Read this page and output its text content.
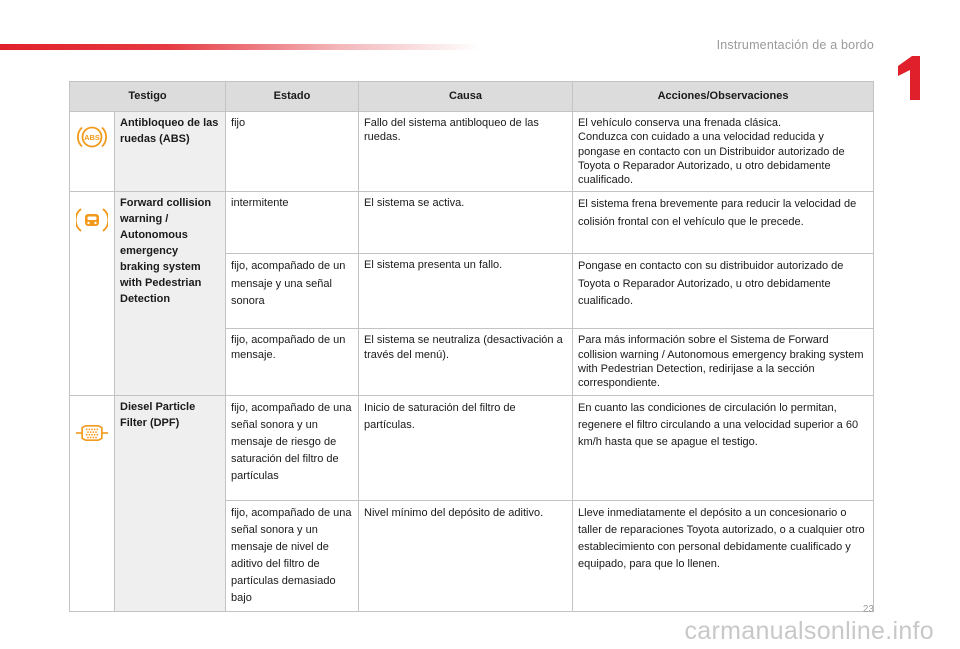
Instrumentación de a bordo
1
Testigo		Estado	Causa	Acciones/Observaciones

ABS	Antibloqueo de las ruedas (ABS)	fijo	Fallo del sistema antibloqueo de las ruedas.	El vehículo conserva una frenada clásica.
Conduzca con cuidado a una velocidad reducida y pongase en contacto con un Distribuidor autorizado de Toyota o Reparador Autorizado, u otro debidamente cualificado.

	Forward collision warning / Autonomous emergency braking system with Pedestrian Detection	intermitente	El sistema se activa.	El sistema frena brevemente para reducir la velocidad de colisión frontal con el vehículo que le precede.
		fijo, acompañado de un mensaje y una señal sonora	El sistema presenta un fallo.	Pongase en contacto con su distribuidor autorizado de Toyota o Reparador Autorizado, u otro debidamente cualificado.
		fijo, acompañado de un mensaje.	El sistema se neutraliza (desactivación a través del menú).	Para más información sobre el Sistema de Forward collision warning / Autonomous emergency braking system with Pedestrian Detection, redirijase a la sección correspondiente.

	Diesel Particle Filter (DPF)	fijo, acompañado de una señal sonora y un mensaje de riesgo de saturación del filtro de partículas	Inicio de saturación del filtro de partículas.	En cuanto las condiciones de circulación lo permitan, regenere el filtro circulando a una velocidad superior a 60 km/h hasta que se apague el testigo.
		fijo, acompañado de una señal sonora y un mensaje de nivel de aditivo del filtro de partículas demasiado bajo	Nivel mínimo del depósito de aditivo.	Lleve inmediatamente el depósito a un concesionario o taller de reparaciones Toyota autorizado, o a cualquier otro establecimiento con personal debidamente cualificado y equipado, para que lo llenen.
23
carmanualsonline.info
